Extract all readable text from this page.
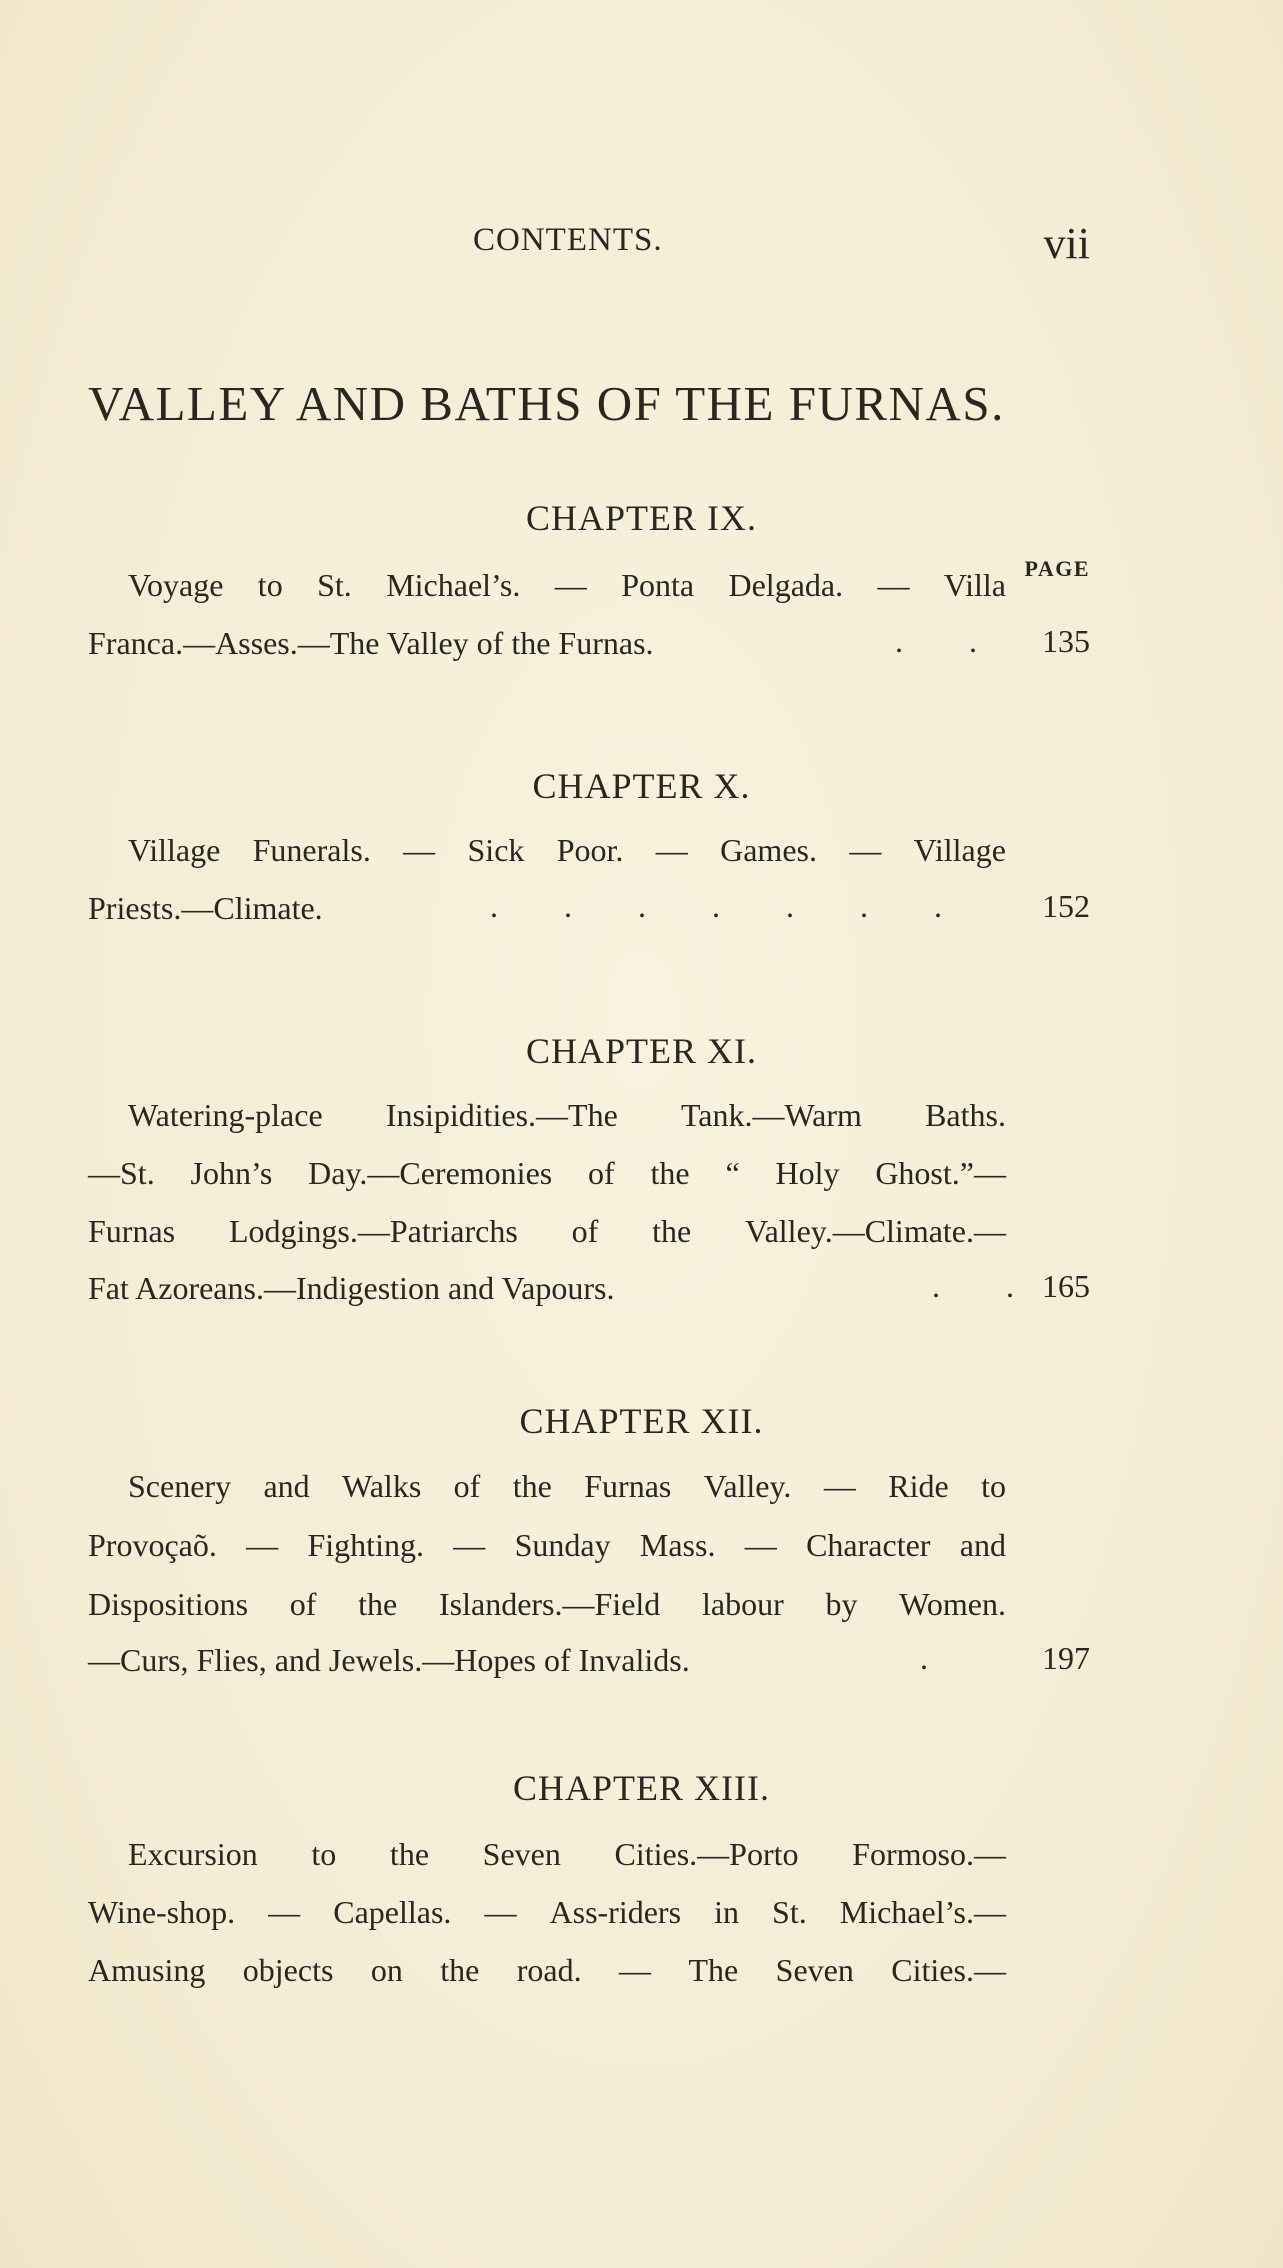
CONTENTS.	vii
VALLEY AND BATHS OF THE FURNAS.
CHAPTER IX.
PAGE
Voyage to St. Michael’s. — Ponta Delgada. — Villa
Franca.—Asses.—The Valley of the Furnas.	.   .	135
Village Funerals. — Sick Poor. — Games. — Village
Priests.—Climate.	.   .   .   .   .   .   .	152
Watering-place Insipidities.—The Tank.—Warm Baths.
—St. John’s Day.—Ceremonies of the “ Holy Ghost.”—
Furnas Lodgings.—Patriarchs of the Valley.—Climate.—
Fat Azoreans.—Indigestion and Vapours.	.   . 165
Scenery and Walks of the Furnas Valley. — Ride to
Provoçaõ. — Fighting. — Sunday Mass. — Character and
Dispositions of the Islanders.—Field labour by Women.
—Curs, Flies, and Jewels.—Hopes of Invalids.	.	197
Excursion to the Seven Cities.—Porto Formoso.—
Wine-shop. — Capellas. — Ass-riders in St. Michael’s.—
Amusing objects on the road. — The Seven Cities.—
CHAPTER X.
CHAPTER XI.
CHAPTER XII.
CHAPTER XIII.
